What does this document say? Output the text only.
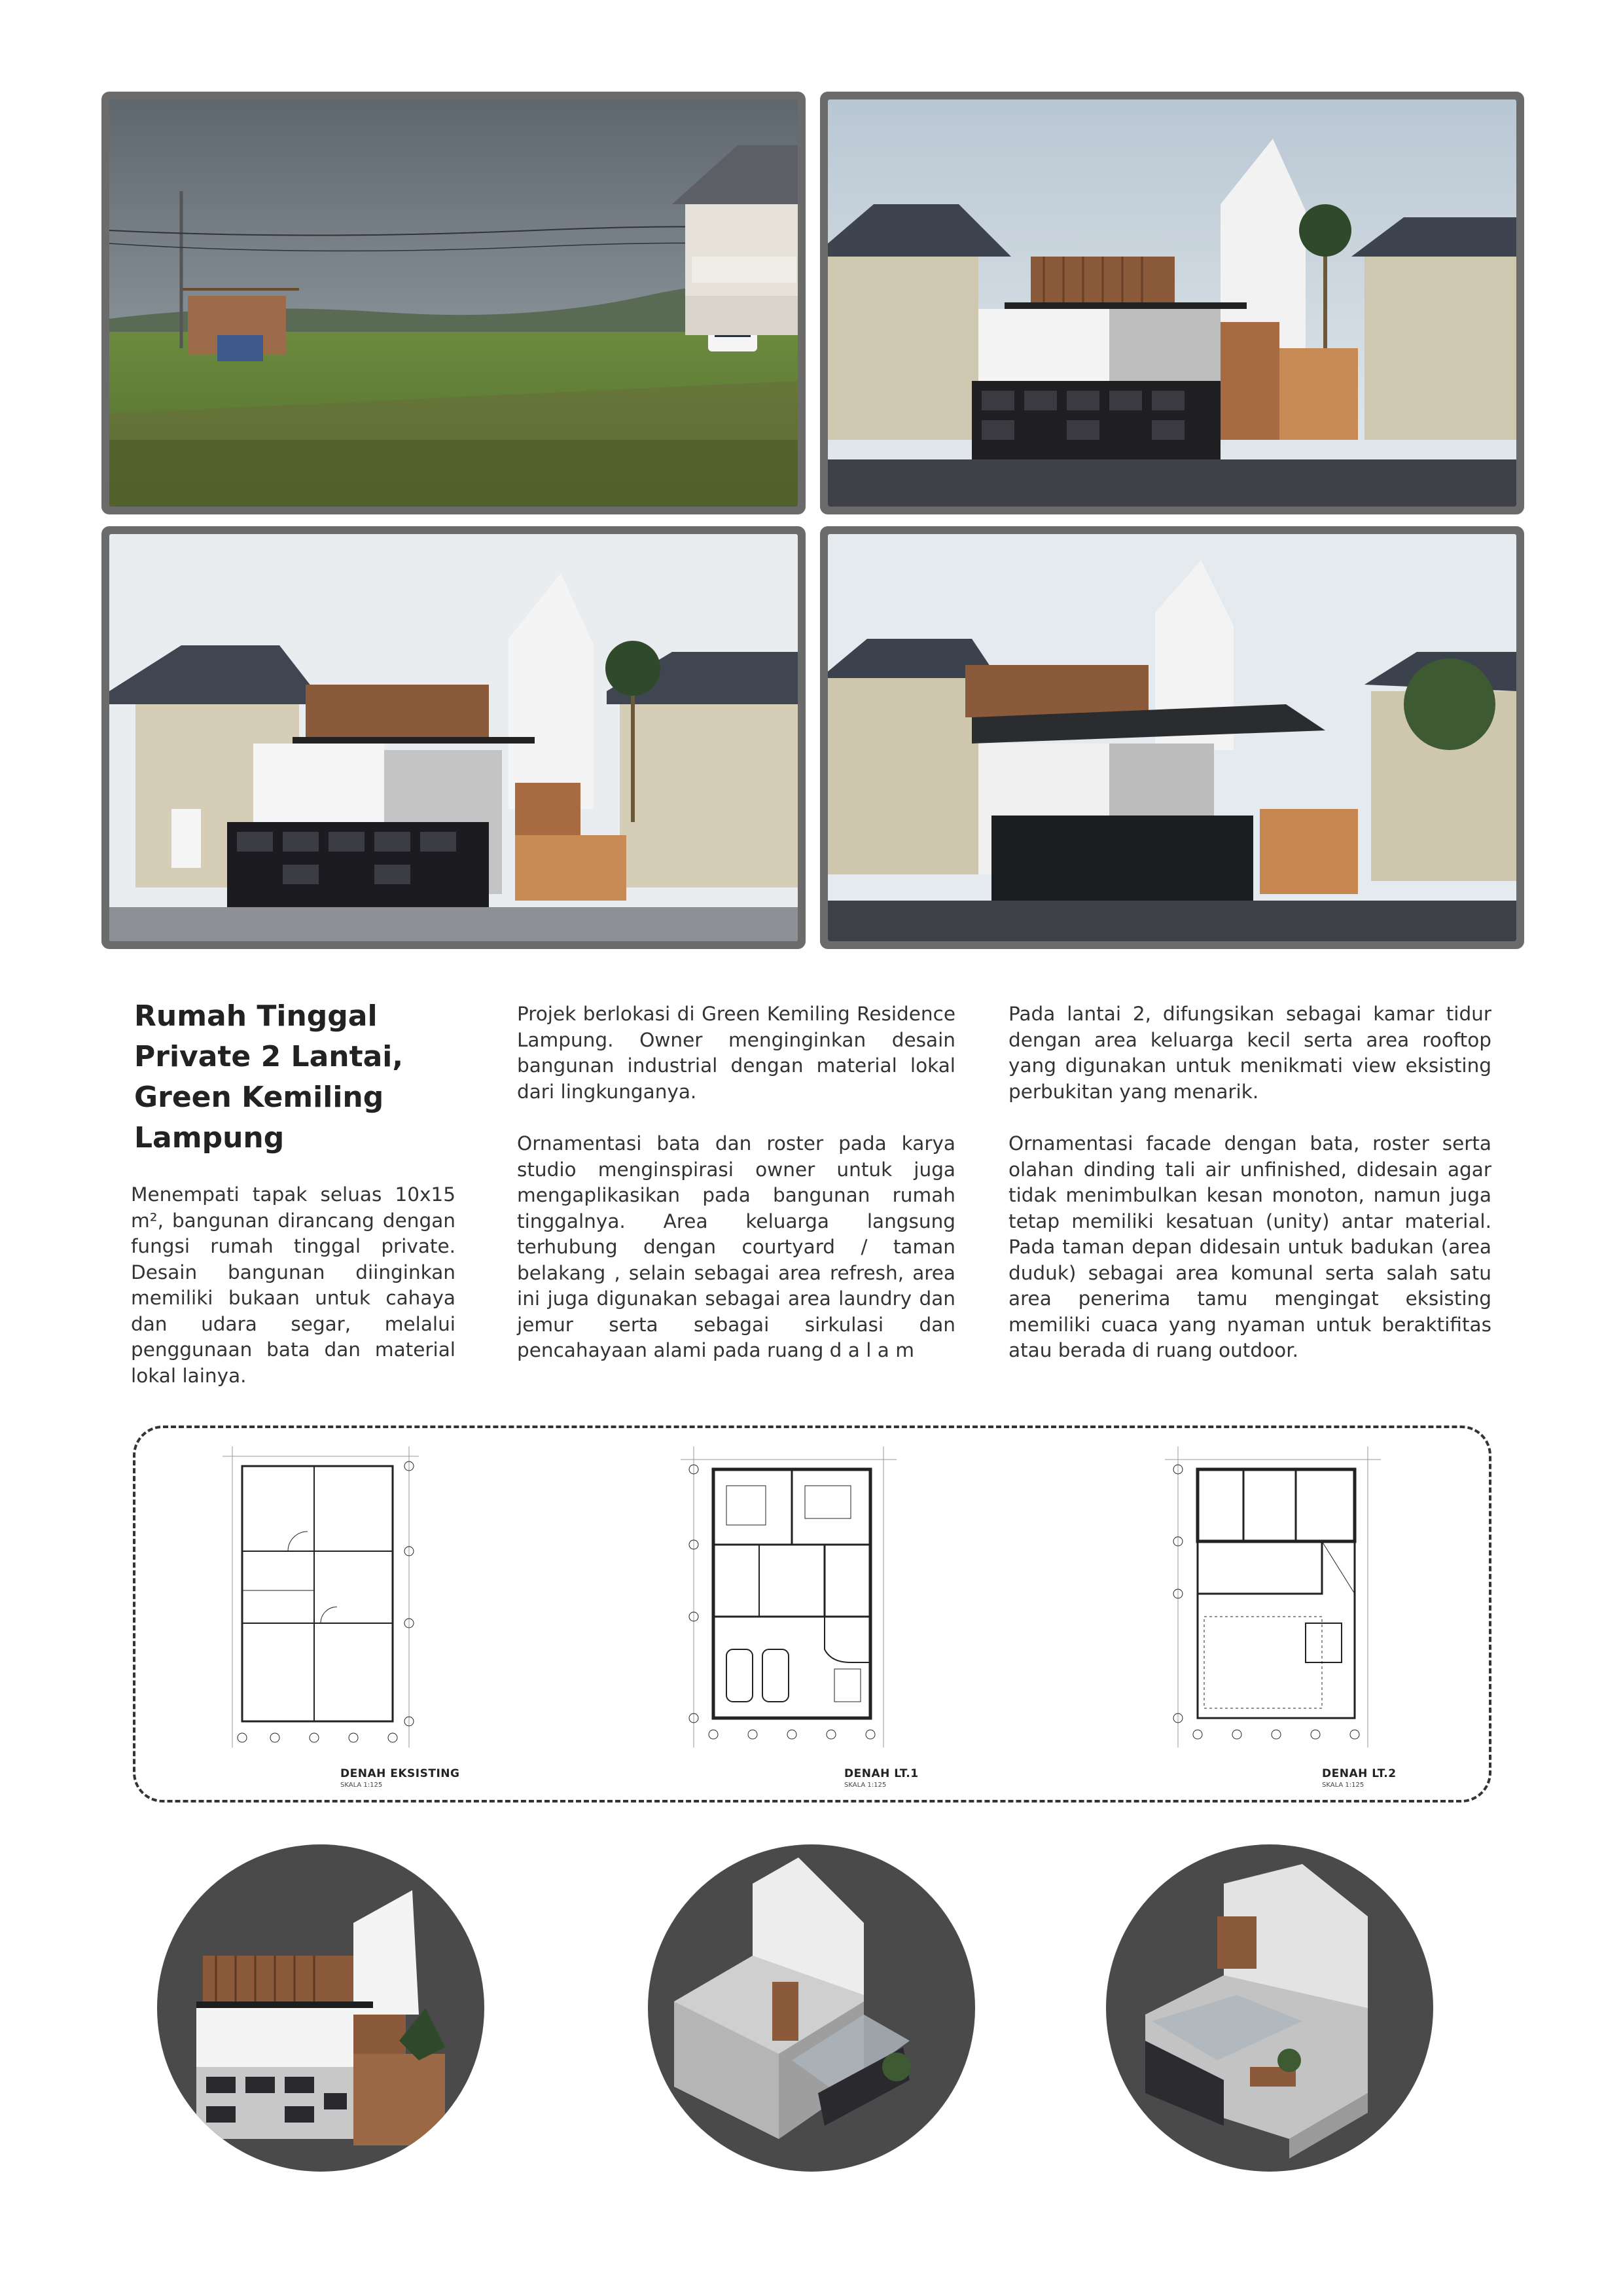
Rumah Tinggal Private 2 Lantai, Green Kemiling Lampung

Menempati tapak seluas 10x15 m², bangunan dirancang dengan fungsi rumah tinggal private. Desain bangunan diinginkan memiliki bukaan untuk cahaya dan udara segar, melalui penggunaan bata dan material lokal lainya.

Projek berlokasi di Green Kemiling Residence Lampung. Owner menginginkan desain bangunan industrial dengan material lokal dari lingkunganya.

Ornamentasi bata dan roster pada karya studio menginspirasi owner untuk juga mengaplikasikan pada bangunan rumah tinggalnya. Area keluarga langsung terhubung dengan courtyard / taman belakang , selain sebagai area refresh, area ini juga digunakan sebagai area laundry dan jemur serta sebagai sirkulasi dan pencahayaan alami pada ruang d a l a m

Pada lantai 2, difungsikan sebagai kamar tidur dengan area keluarga kecil serta area rooftop yang digunakan untuk menikmati view eksisting perbukitan yang menarik.

Ornamentasi facade dengan bata, roster serta olahan dinding tali air unfinished, didesain agar tidak menimbulkan kesan monoton, namun juga tetap memiliki kesatuan (unity) antar material. Pada taman depan didesain untuk badukan (area duduk) sebagai area komunal serta salah satu area penerima tamu mengingat eksisting memiliki cuaca yang nyaman untuk beraktifitas atau berada di ruang outdoor.

DENAH EKSISTING
SKALA 1:125
DENAH LT.1
SKALA 1:125
DENAH LT.2
SKALA 1:125
